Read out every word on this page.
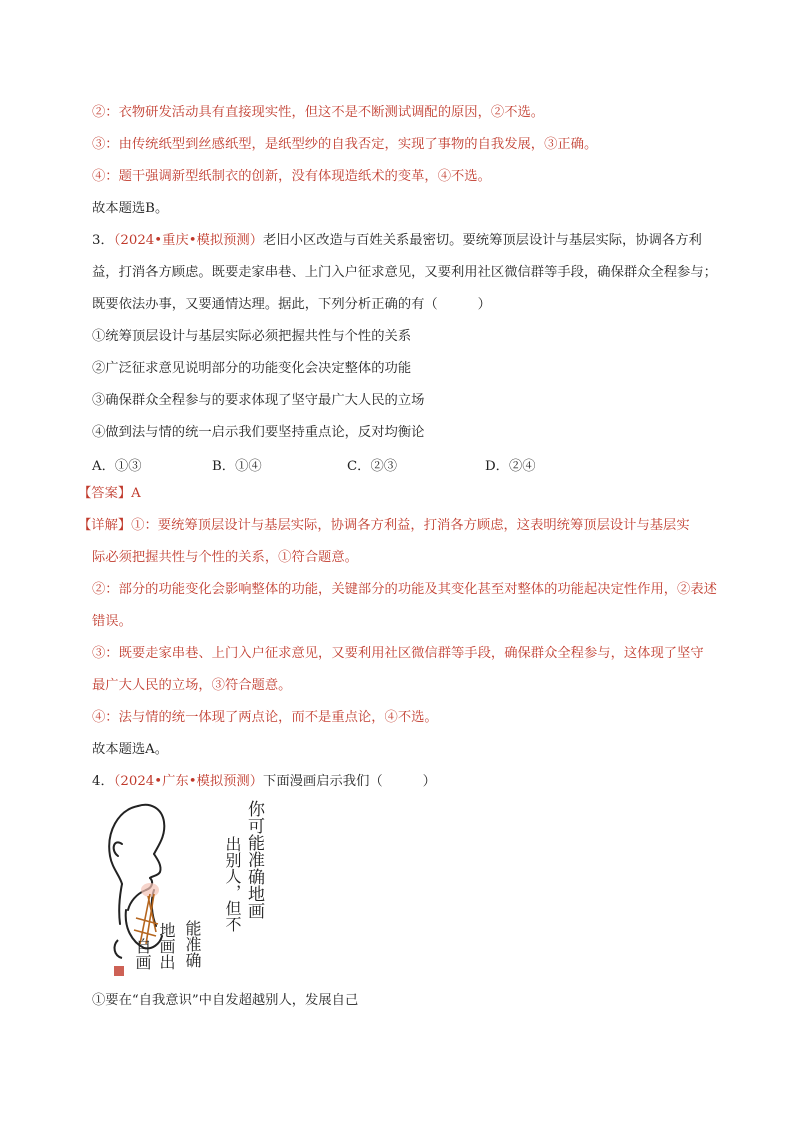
②：衣物研发活动具有直接现实性，但这不是不断测试调配的原因，②不选。

③：由传统纸型到丝感纸型，是纸型纱的自我否定，实现了事物的自我发展，③正确。

④：题干强调新型纸制衣的创新，没有体现造纸术的变革，④不选。

故本题选B。

3．（2024•重庆•模拟预测）老旧小区改造与百姓关系最密切。要统筹顶层设计与基层实际，协调各方利

益，打消各方顾虑。既要走家串巷、上门入户征求意见，又要利用社区微信群等手段，确保群众全程参与；

既要依法办事，又要通情达理。据此，下列分析正确的有（　　　）

①统筹顶层设计与基层实际必须把握共性与个性的关系

②广泛征求意见说明部分的功能变化会决定整体的功能

③确保群众全程参与的要求体现了坚守最广大人民的立场

④做到法与情的统一启示我们要坚持重点论，反对均衡论

A．①③	B．①④	C．②③	D．②④

【答案】A

【详解】①：要统筹顶层设计与基层实际，协调各方利益，打消各方顾虑，这表明统筹顶层设计与基层实

际必须把握共性与个性的关系，①符合题意。

②：部分的功能变化会影响整体的功能，关键部分的功能及其变化甚至对整体的功能起决定性作用，②表述

错误。

③：既要走家串巷、上门入户征求意见，又要利用社区微信群等手段，确保群众全程参与，这体现了坚守

最广大人民的立场，③符合题意。

④：法与情的统一体现了两点论，而不是重点论，④不选。

故本题选A。

4．（2024•广东•模拟预测）下面漫画启示我们（　　　）

你可能准确地画
出别人，但不
能准确
地画出
自画

①要在“自我意识”中自发超越别人，发展自己
